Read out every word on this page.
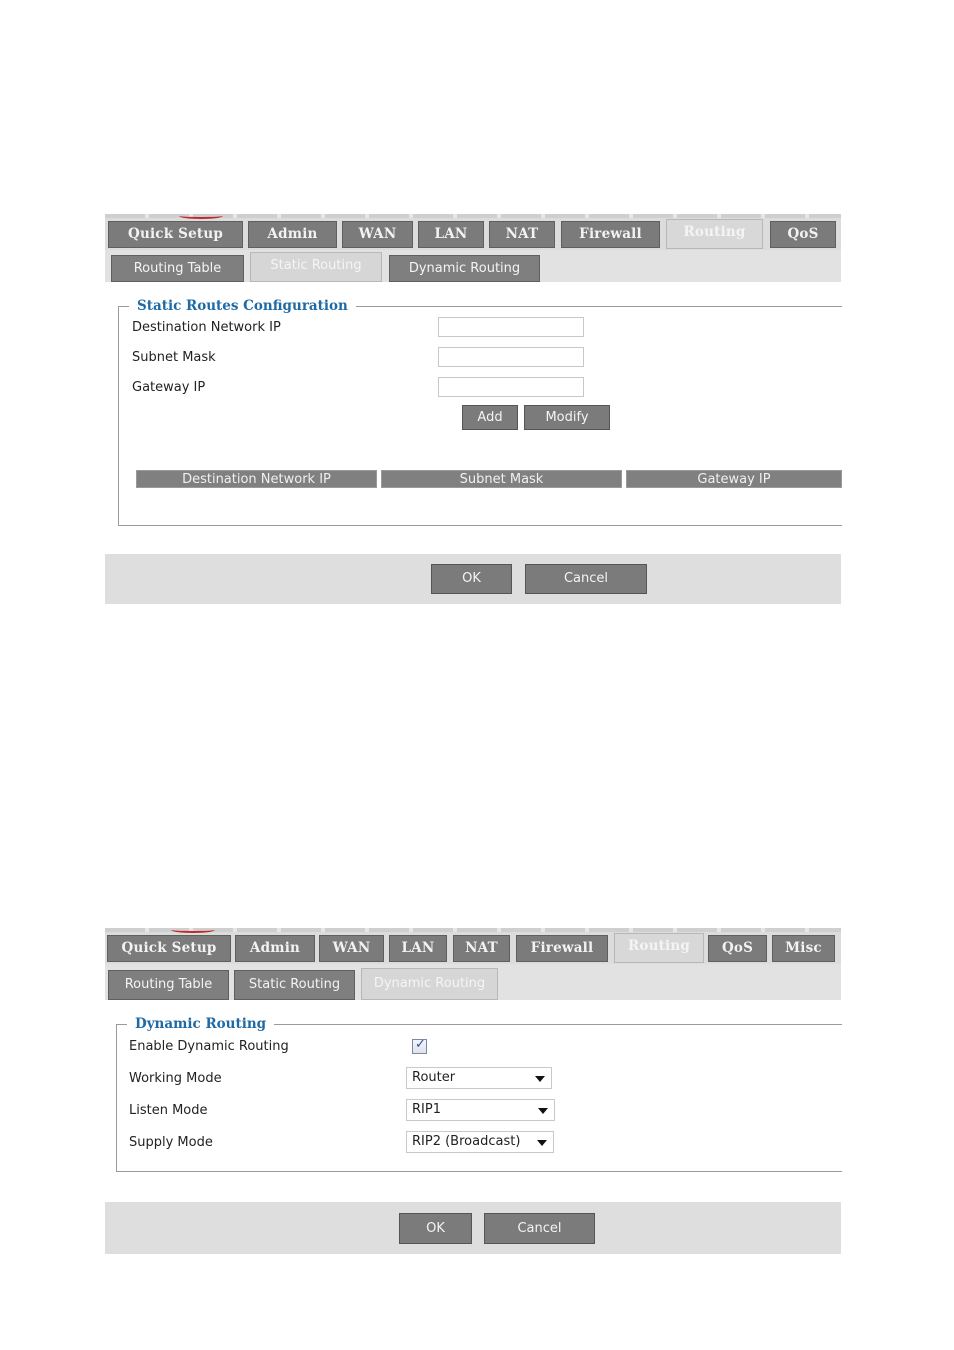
Quick Setup	Admin	WAN	LAN	NAT	Firewall	Routing	QoS
Routing Table	Static Routing	Dynamic Routing
Static Routes Configuration
Destination Network IP
Subnet Mask
Gateway IP
Add	Modify
Destination Network IP	Subnet Mask	Gateway IP
OK	Cancel
Quick Setup	Admin	WAN	LAN	NAT	Firewall	Routing	QoS	Misc
Routing Table	Static Routing	Dynamic Routing
Dynamic Routing
Enable Dynamic Routing	✓
Working Mode	Router
Listen Mode	RIP1
Supply Mode	RIP2 (Broadcast)
OK	Cancel
